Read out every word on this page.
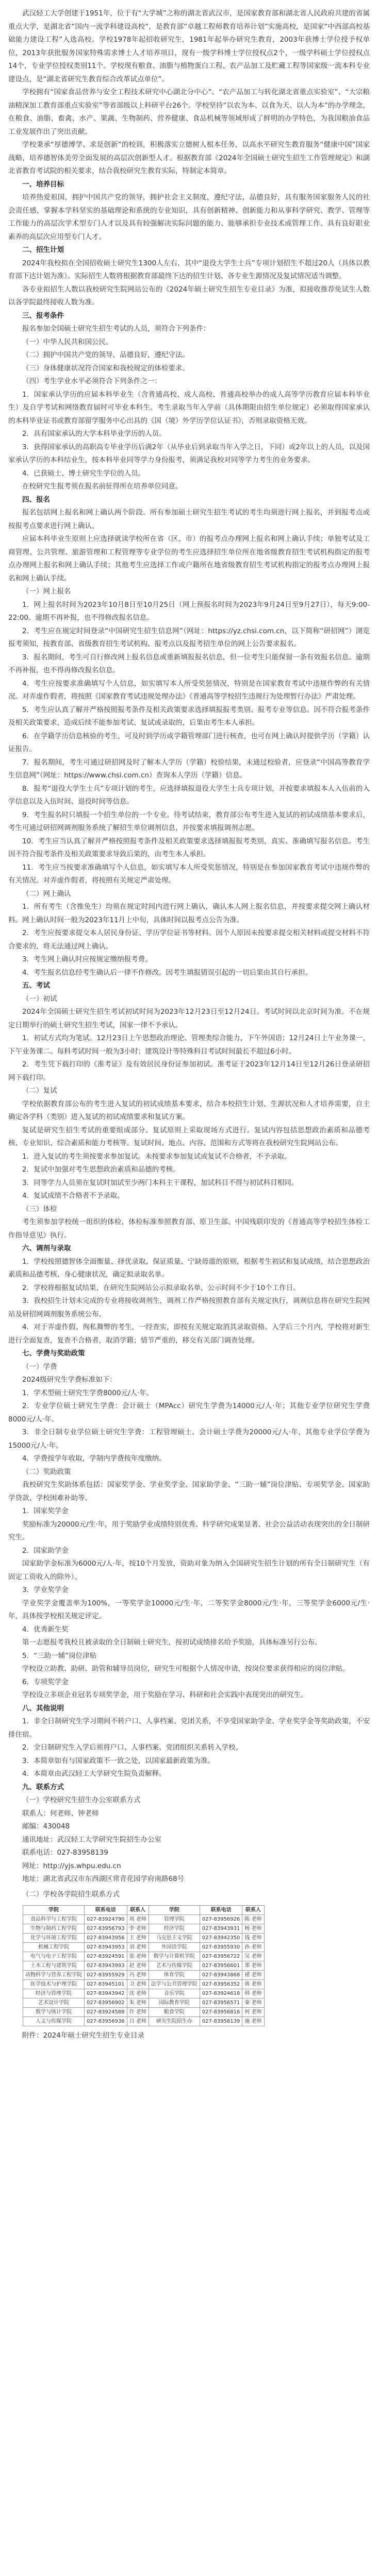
武汉轻工大学创建于1951年，位于有“大学城”之称的湖北省武汉市，是国家教育部和湖北省人民政府共建的省属重点大学，是湖北省“国内一流学科建设高校”，是教育部“卓越工程师教育培养计划”实施高校，是国家“中西部高校基础能力建设工程”入选高校。学校1978年起招收研究生，1981年起举办研究生教育，2003年获博士学位授予权单位，2013年获批服务国家特殊需求博士人才培养项目，现有一级学科博士学位授权点2个，一级学科硕士学位授权点14个，专业学位授权类别11个。学校现有粮食、油脂与植物蛋白工程、农产品加工及贮藏工程等国家级一流本科专业建设点，是“湖北省研究生教育综合改革试点单位”。

学校拥有“国家食品营养与安全工程技术研究中心湖北分中心”、“农产品加工与转化湖北省重点实验室”、“大宗粮油精深加工教育部重点实验室”等省部级以上科研平台26个。学校坚持“以农为本、以食为天、以人为本”的办学理念，在粮食、油脂、畜禽、水产、果蔬、生物制药、营养健康、食品机械等领域形成了鲜明的办学特色，为我国粮油食品工业发展作出了突出贡献。

学校秉承“厚德博学、求是创新”的校训，积极落实立德树人根本任务，以高水平研究生教育服务“健康中国”国家战略，培养德智体美劳全面发展的高层次创新型人才。根据教育部《2024年全国硕士研究生招生工作管理规定》和湖北省教育考试院的相关要求，结合我校研究生教育实际，特制定本简章。

一、培养目标

培养热爱祖国，拥护中国共产党的领导，拥护社会主义制度，遵纪守法，品德良好，具有服务国家服务人民的社会责任感，掌握本学科坚实的基础理论和系统的专业知识，具有创新精神、创新能力和从事科学研究、教学、管理等工作能力的高层次学术型专门人才以及具有较强解决实际问题的能力、能够承担专业技术或管理工作、具有良好职业素养的高层次应用型专门人才。

二、招生计划

2024年我校拟在全国招收硕士研究生1300人左右，其中“退役大学生士兵”专项计划招生不超过20人（具体以教育部下达计划为准）。实际招生人数将根据教育部最终下达的招生计划、各专业生源情况及复试情况适当调整。

各专业拟招生人数以我校研究生院网站公布的《2024年硕士研究生招生专业目录》为准，拟接收推荐免试生人数以各学院最终接收人数为准。

三、报考条件

报名参加全国硕士研究生招生考试的人员，须符合下列条件：

（一）中华人民共和国公民。

（二）拥护中国共产党的领导，品德良好，遵纪守法。

（三）身体健康状况符合国家和我校规定的体检要求。

（四）考生学业水平必须符合下列条件之一：

1．国家承认学历的应届本科毕业生（含普通高校、成人高校、普通高校举办的成人高等学历教育应届本科毕业生）及自学考试和网络教育届时可毕业本科生。考生录取当年入学前（具体期限由招生单位规定）必须取得国家承认的本科毕业证书或教育部留学服务中心出具的《国（境）外学历学位认证书》，否则录取资格无效。

2．具有国家承认的大学本科毕业学历的人员。

3．获得国家承认的高职高专毕业学历后满2年（从毕业后到录取当年入学之日，下同）或2年以上的人员，以及国家承认学历的本科结业生，按本科毕业同等学力身份报考，须满足我校对同等学力考生的业务要求。

4．已获硕士、博士研究生学位的人员。

在校研究生报考须在报名前征得所在培养单位同意。

四、报名

报名包括网上报名和网上确认两个阶段。所有参加硕士研究生招生考试的考生均须进行网上报名，并到报考点或按报考点要求进行网上确认。

应届本科毕业生原则上应选择就读学校所在省（区、市）的报考点办理网上报名和网上确认手续；单独考试及工商管理、公共管理、旅游管理和工程管理等专业学位的考生应选择招生单位所在地省级教育招生考试机构指定的报考点办理网上报名和网上确认手续；其他考生应选择工作或户籍所在地省级教育招生考试机构指定的报考点办理网上报名和网上确认手续。

（一）网上报名

1．网上报名时间为2023年10月8日至10月25日（网上预报名时间为2023年9月24日至9月27日），每天9:00-22:00。逾期不再补报，也不得修改报名信息。

2．考生应在规定时间登录“中国研究生招生信息网”（网址：https://yz.chsi.com.cn，以下简称“研招网”）浏览报考须知，按教育部、省级教育招生考试机构、报考点以及报考招生单位的网上公告要求报名。

3．报名期间，考生可自行修改网上报名信息或重新填报报名信息，但一位考生只能保留一条有效报名信息。逾期不再补报，也不得再修改报名信息。

4．考生应按要求准确填写个人信息，如实填写本人所受奖惩情况，特别是在国家教育考试中违规作弊的有关情况。对弄虚作假者，将按照《国家教育考试违规处理办法》《普通高等学校招生违规行为处理暂行办法》严肃处理。

5．考生应认真了解并严格按照报考条件及相关政策要求选择填报报考类别、报考专业等信息。因不符合报考条件及相关政策要求，造成后续不能参加考试、复试或录取的，后果由考生本人承担。

6．在学籍学历信息核验的考生，可及时到学历或学籍管理部门进行核查，也可在网上确认时提供学历（学籍）认证报告。

7．报名期间，考生可通过研招网及时了解本人学历（学籍）校验结果，未通过校验者，应登录“中国高等教育学生信息网”（网址：https://www.chsi.com.cn）查询本人学历（学籍）信息。

8．报考“退役大学生士兵”专项计划的考生，应选择填报退役大学生士兵专项计划，并按要求填报本人入伍前的入学信息以及入伍时间、退役时间等信息。

9．考生报名时只填报一个招生单位的一个专业。待考试结束，教育部公布考生进入复试的初试成绩基本要求后，考生可通过研招网调剂服务系统了解招生单位调剂信息，并按要求填报调剂志愿。

10．考生应当认真了解并严格按照报考条件及相关政策要求选择填报报考类别，真实、准确填写报名信息。考生因不符合报考条件及相关政策要求导致后果的，由考生本人承担。

11．考生应当按要求准确填写个人信息，如实填写本人所受奖惩情况，特别是在参加国家教育考试中违规作弊的有关情况。对弄虚作假者，将按照有关规定严肃处理。

（二）网上确认

1．所有考生（含推免生）均须在规定时间内进行网上确认，确认本人网上报名信息，并按要求提交网上确认材料。网上确认时间一般为2023年11月上中旬，具体时间以报考点公告为准。

2．考生应按要求提交本人居民身份证、学历学位证书等材料。因个人原因未按要求提交相关材料或提交材料不符合要求的，将无法通过网上确认。

3．考生网上确认时应按规定缴纳报考费。

4．考生报名信息经考生确认后一律不作修改。因考生填报错误引起的一切后果由其自行承担。

五、考试
（一）初试

2024年全国硕士研究生招生考试初试时间为2023年12月23日至12月24日。考试时间以北京时间为准。不在规定日期举行的硕士研究生招生考试，国家一律不予承认。

1．初试方式均为笔试。12月23日上午思想政治理论、管理类综合能力，下午外国语；12月24日上午业务课一，下午业务课二。每科考试时间一般为3小时；建筑设计等特殊科目考试时间最长不超过6小时。

2．考生凭下载打印的《准考证》及有效居民身份证参加初试。准考证于2023年12月14日至12月26日登录研招网下载打印。

（二）复试

学校依据教育部公布的考生进入复试的初试成绩基本要求，结合本校招生计划、生源状况和人才培养需要，自主确定各学科（类别）进入复试的初试成绩要求和复试方案。

复试是研究生招生考试的重要组成部分。复试原则上采取现场方式进行。复试内容包括思想政治素质和品德考核、专业知识、综合素质和能力考核等。复试时间、地点、内容、范围和方式等将在我校研究生院网站公布。

1．进入复试的考生须按要求参加复试。未按要求参加复试或复试不合格者，不予录取。

2．复试中加强对考生思想政治素质和品德的考核。

3．同等学力人员须在复试时加试至少两门本科主干课程，加试科目不得与初试科目相同。

4．复试成绩不合格者不予录取。

（三）体检

考生须参加学校统一组织的体检，体检标准参照教育部、原卫生部、中国残联印发的《普通高等学校招生体检工作指导意见》执行。

六、调剂与录取

1．学校按照德智体全面衡量、择优录取、保证质量、宁缺毋滥的原则，根据考生初试和复试成绩，结合思想政治素质和品德考核、身心健康状况，确定拟录取名单。

2．学校将根据复试结果，在研究生院网站公示拟录取名单，公示时间不少于10个工作日。

3．我校招生计划未完成的专业将接收调剂生，调剂工作严格按照教育部有关规定执行，调剂信息将在研究生院网站及研招网调剂服务系统公布。

4．对于弄虚作假、徇私舞弊的考生，一经查实，即按有关规定取消其录取资格。入学后三个月内，学校将对新生进行全面复查，复查不合格者，取消学籍；情节严重的，移交有关部门调查处理。

七、学费与奖助政策
（一）学费

2024级研究生学费标准如下：

1．学术型硕士研究生学费8000元/人·年。

2．专业学位硕士研究生学费：会计硕士（MPAcc）研究生学费为14000元/人·年；其他专业学位研究生学费8000元/人·年。

3．非全日制专业学位硕士研究生学费：工程管理硕士、会计硕士学费为20000元/人·年，其他专业学位学费为15000元/人·年。

4．学费按学年收取，学制内学费按年度缴纳。

（二）奖助政策

我校研究生奖助体系包括：国家奖学金、学业奖学金、国家助学金、“三助一辅”岗位津贴、专项奖学金、国家助学贷款、学校困难补助等。

1．国家奖学金

奖励标准为20000元/生·年，用于奖励学业成绩特别优秀、科学研究成果显著、社会公益活动表现突出的全日制研究生。

2．国家助学金

国家助学金标准为6000元/人·年，按10个月发放，资助对象为纳入全国研究生招生计划的所有全日制研究生（有固定工资收入的除外）。

3．学业奖学金

学业奖学金覆盖率为100%，一等奖学金10000元/生·年，二等奖学金8000元/生·年，三等奖学金6000元/生·年，具体按学校相关规定评定。

4．优秀新生奖

第一志愿报考我校且被录取的全日制硕士研究生，按初试成绩排名给予奖励，具体标准另行公布。

5．“三助一辅”岗位津贴

学校设立助教、助研、助管和辅导员岗位，研究生可根据个人情况申请，按岗位要求获得相应的岗位津贴。

6．专项奖学金

学校设立多项企业冠名专项奖学金，用于奖励在学习、科研和社会实践中表现突出的研究生。

八、其他说明

1．非全日制研究生学习期间不转户口、人事档案、党团关系，不享受国家助学金、学业奖学金等奖助政策，不安排住宿。

2．全日制研究生入学后须将户口、人事档案、党团组织关系转入学校。

3．本简章如有与国家政策不一致之处，以国家最新政策为准。

4．本简章由武汉轻工大学研究生院负责解释。

九、联系方式
（一）学校研究生招生办公室联系方式

联系人：何老师、钟老师

邮编：430048

通讯地址：武汉轻工大学研究生院招生办公室

联系电话：027-83958139

网址：http://yjs.whpu.edu.cn

地址：湖北省武汉市东西湖区常青花园学府南路68号

（二）学校各学院招生联系方式
学院	联系电话	联系人	学院	联系电话	联系人
食品科学与工程学院	027-83924790	周 老师	管理学院	027-83956926	陈 老师
生物与制药工程学院	027-83956793	李 老师	经济学院	027-83943931	杨 老师
化学与环境工程学院	027-83943956	王 老师	马克思主义学院	027-83942350	钱 老师
机械工程学院	027-83943953	刘 老师	外国语学院	027-83955930	孙 老师
电气与电子工程学院	027-83924591	张 老师	数学与计算机学院	027-83956722	吴 老师
土木工程与建筑学院	027-83943993	赵 老师	艺术与传媒学院	027-83956601	郑 老师
动物科学与营养工程学院	027-83955929	冯 老师	体育学院	027-83943868	褚 老师
医学技术与护理学院	027-83945101	卫 老师	法学与公共管理学院	027-83956352	蒋 老师
经济与管理学院	027-83943942	沈 老师	音乐学院	027-83924618	韩 老师
艺术设计学院	027-83956902	朱 老师	国际教育学院	027-83956571	秦 老师
数学与统计学院	027-83924588	许 老师	粮食学院	027-83956816	何 老师
人文与传媒学院	027-83956936	吕 老师	研究生院招生办	027-83958139	施 老师

附件：2024年硕士研究生招生专业目录
